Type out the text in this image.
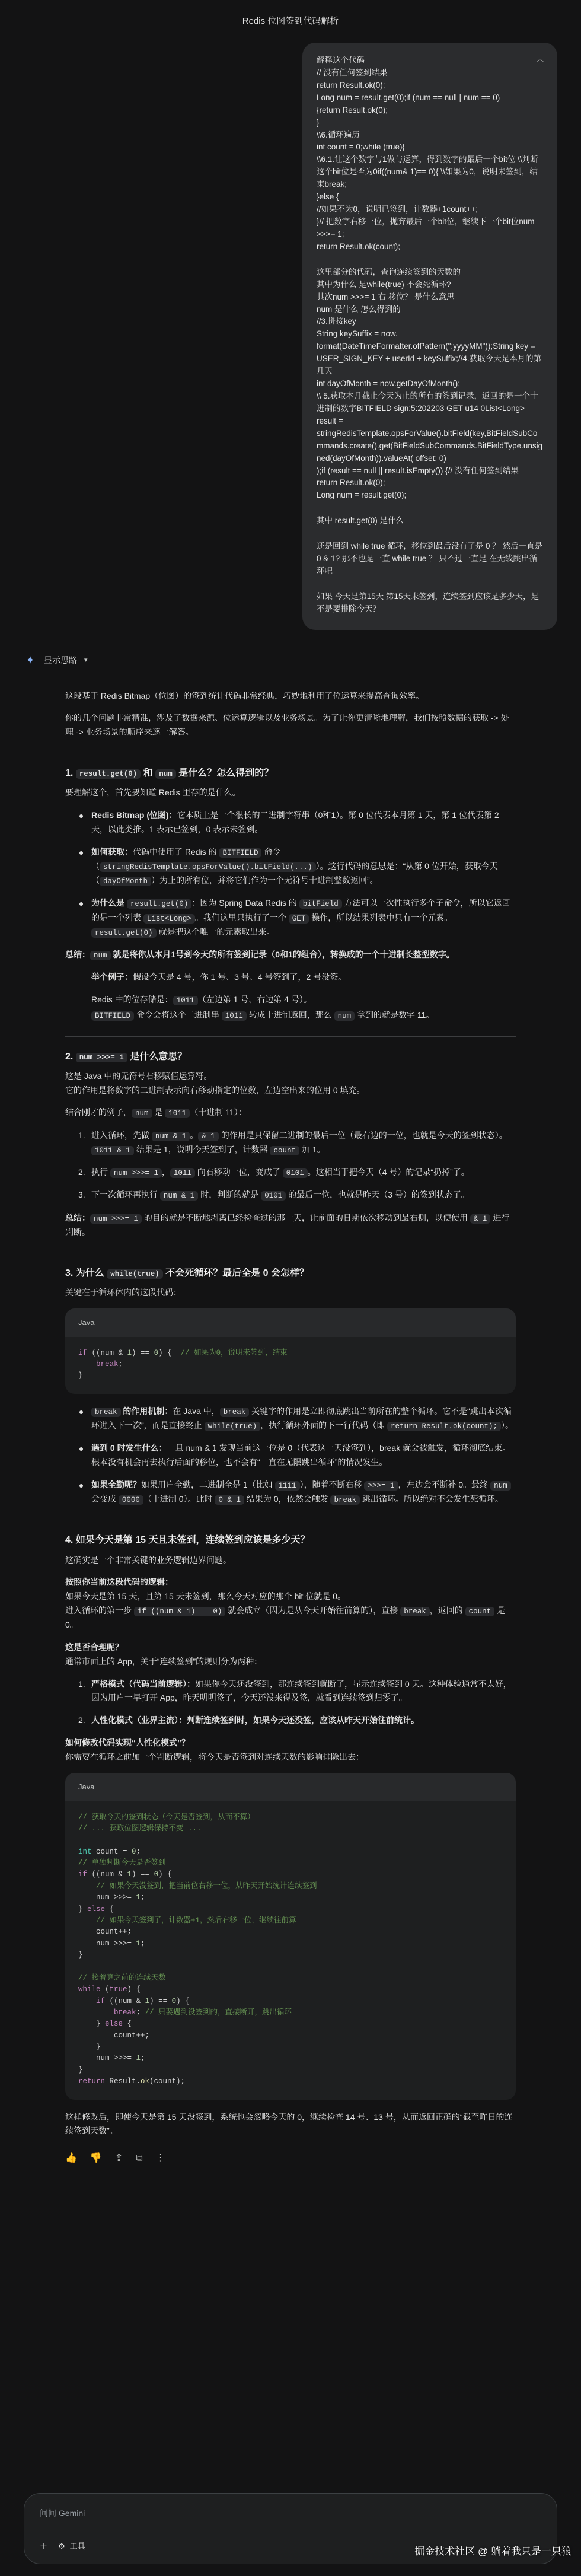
Redis 位图签到代码解析
︿
解释这个代码
// 没有任何签到结果
return Result.ok(0);
Long num = result.get(0);if (num == null | num == 0)
{return Result.ok(0);
}
\\6.循环遍历
int count = 0;while (true){
\\6.1.让这个数字与1做与运算，得到数字的最后一个bit位 \\判断这个bit位是否为0if((num& 1)== 0){ \\如果为0，说明未签到，结束break;
}else {
//如果不为0，说明已签到，计数器+1count++;
}// 把数字右移一位，抛弃最后一个bit位，继续下一个bit位num >>>= 1;
return Result.ok(count);
这里部分的代码，查询连续签到的天数的
其中为什么 是while(true) 不会死循环?
其次num >>>= 1 右 移位？ 是什么意思
num 是什么 怎么得到的
//3.拼接key
String keySuffix = now.
format(DateTimeFormatter.ofPattern(":yyyyMM"));String key = USER_SIGN_KEY + userId + keySuffix;//4.获取今天是本月的第几天
int dayOfMonth = now.getDayOfMonth();
\\ 5.获取本月截止今天为止的所有的签到记录，返回的是一个十进制的数字BITFIELD sign:5:202203 GET u14 0List<Long> result =
stringRedisTemplate.opsForValue().bitField(key,BitFieldSubCommands.create().get(BitFieldSubCommands.BitFieldType.unsigned(dayOfMonth)).valueAt( offset: 0)
);if (result == null || result.isEmpty()) {// 没有任何签到结果
return Result.ok(0);
Long num = result.get(0);
其中 result.get(0) 是什么
还是回到 while true 循环，移位到最后没有了是 0 ？ 然后一直是 0 & 1? 那不也是一直 while true ？ 只不过一直是 在无线跳出循环吧
如果 今天是第15天 第15天未签到，连续签到应该是多少天，是不是要排除今天？
✦ 显示思路 ▾

这段基于 Redis Bitmap（位图）的签到统计代码非常经典，巧妙地利用了位运算来提高查询效率。

你的几个问题非常精准，涉及了数据来源、位运算逻辑以及业务场景。为了让你更清晰地理解，我们按照数据的获取 -> 处理 -> 业务场景的顺序来逐一解答。

1. result.get(0) 和 num 是什么？怎么得到的？

要理解这个，首先要知道 Redis 里存的是什么。

Redis Bitmap (位图)：它本质上是一个很长的二进制字符串（0和1）。第 0 位代表本月第 1 天，第 1 位代表第 2 天，以此类推。1 表示已签到，0 表示未签到。
如何获取：代码中使用了 Redis 的 BITFIELD 命令（ stringRedisTemplate.opsForValue().bitField(...) ）。这行代码的意思是：“从第 0 位开始，获取今天（ dayOfMonth ）为止的所有位，并将它们作为一个无符号十进制整数返回”。
为什么是 result.get(0) ：因为 Spring Data Redis 的 bitField 方法可以一次性执行多个子命令，所以它返回的是一个列表 List<Long> 。我们这里只执行了一个 GET 操作，所以结果列表中只有一个元素。result.get(0) 就是把这个唯一的元素取出来。

总结： num 就是将你从本月1号到今天的所有签到记录（0和1的组合），转换成的一个十进制长整型数字。

举个例子：假设今天是 4 号，你 1 号、3 号、4 号签到了，2 号没签。

Redis 中的位存储是： 1011 （左边第 1 号，右边第 4 号）。

BITFIELD 命令会将这个二进制串 1011 转成十进制返回，那么 num 拿到的就是数字 11。

2. num >>>= 1 是什么意思？

这是 Java 中的无符号右移赋值运算符。

它的作用是将数字的二进制表示向右移动指定的位数，左边空出来的位用 0 填充。

结合刚才的例子， num 是 1011 （十进制 11）：

1. 进入循环，先做 num & 1 。 & 1 的作用是只保留二进制的最后一位（最右边的一位，也就是今天的签到状态）。1011 & 1 结果是 1，说明今天签到了，计数器 count 加 1。
2. 执行 num >>>= 1 ， 1011 向右移动一位，变成了 0101 。这相当于把今天（4 号）的记录“扔掉”了。
3. 下一次循环再执行 num & 1 时，判断的就是 0101 的最后一位，也就是昨天（3 号）的签到状态了。

总结： num >>>= 1 的目的就是不断地剥离已经检查过的那一天，让前面的日期依次移动到最右侧，以便使用 & 1 进行判断。

3. 为什么 while(true) 不会死循环？最后全是 0 会怎样？

关键在于循环体内的这段代码：

Java
if ((num & 1) == 0) {  // 如果为0，说明未签到，结束
break;
}
break 的作用机制：在 Java 中， break 关键字的作用是立即彻底跳出当前所在的整个循环。它不是“跳出本次循环进入下一次”，而是直接终止 while(true) ，执行循环外面的下一行代码（即 return Result.ok(count); ）。
遇到 0 时发生什么：一旦 num & 1 发现当前这一位是 0（代表这一天没签到），break 就会被触发，循环彻底结束。根本没有机会再去执行后面的移位，也不会有“一直在无限跳出循环”的情况发生。
如果全勤呢？如果用户全勤，二进制全是 1（比如 1111 ），随着不断右移 >>>= 1 ，左边会不断补 0。最终 num 会变成 0000 （十进制 0）。此时 0 & 1 结果为 0，依然会触发 break 跳出循环。所以绝对不会发生死循环。
4. 如果今天是第 15 天且未签到，连续签到应该是多少天？

这确实是一个非常关键的业务逻辑边界问题。

按照你当前这段代码的逻辑：

如果今天是第 15 天，且第 15 天未签到，那么今天对应的那个 bit 位就是 0。

进入循环的第一步 if ((num & 1) == 0) 就会成立（因为是从今天开始往前算的），直接 break ，返回的 count 是 0。

这是否合理呢？

通常市面上的 App，关于“连续签到”的规则分为两种：

1. 严格模式（代码当前逻辑）：如果你今天还没签到，那连续签到就断了，显示连续签到 0 天。这种体验通常不太好，因为用户一早打开 App，昨天明明签了，今天还没来得及签，就看到连续签到归零了。
2. 人性化模式（业界主流）：判断连续签到时，如果今天还没签，应该从昨天开始往前统计。

如何修改代码实现“人性化模式”？

你需要在循环之前加一个判断逻辑，将今天是否签到对连续天数的影响排除出去：

Java
// 获取今天的签到状态（今天是否签到，从而不算）
// ... 获取位图逻辑保持不变 ...

int count = 0;
// 单独判断今天是否签到
if ((num & 1) == 0) {
// 如果今天没签到，把当前位右移一位，从昨天开始统计连续签到
num >>>= 1;
} else {
// 如果今天签到了，计数器+1，然后右移一位，继续往前算
count++;
num >>>= 1;
}

// 接着算之前的连续天数
while (true) {
if ((num & 1) == 0) {
break; // 只要遇到没签到的，直接断开，跳出循环
} else {
count++;
}
num >>>= 1;
}
return Result.ok(count);

这样修改后，即使今天是第 15 天没签到，系统也会忽略今天的 0，继续检查 14 号、13 号，从而返回正确的“截至昨日的连续签到天数”。

👍 👎 ⇪ ⧉ ⋮
问问 Gemini
＋ ⚙ 工具	掘金技术社区 @ 躺着我只是一只狼
